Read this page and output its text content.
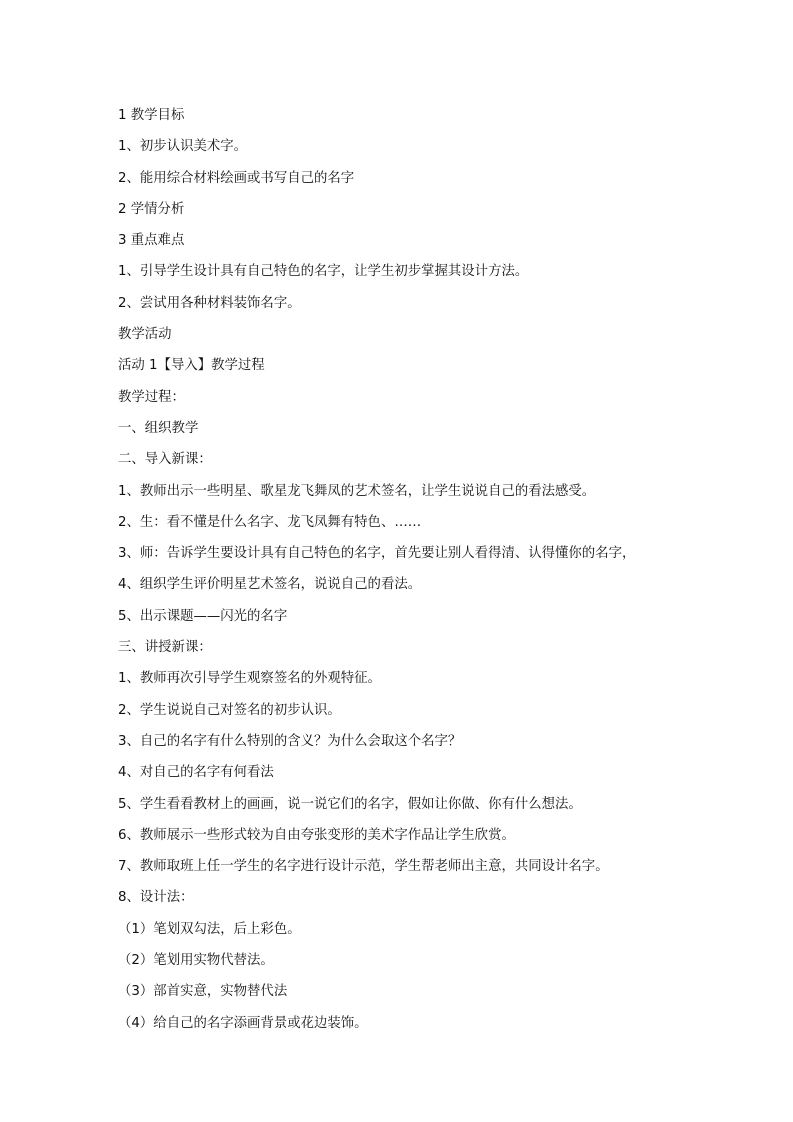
1 教学目标
1、初步认识美术字。
2、能用综合材料绘画或书写自己的名字
2 学情分析
3 重点难点
1、引导学生设计具有自己特色的名字，让学生初步掌握其设计方法。
2、尝试用各种材料装饰名字。
教学活动
活动 1【导入】教学过程
教学过程：
一、组织教学
二、导入新课：
1、教师出示一些明星、歌星龙飞舞凤的艺术签名，让学生说说自己的看法感受。
2、生：看不懂是什么名字、龙飞凤舞有特色、……
3、师：告诉学生要设计具有自己特色的名字，首先要让别人看得清、认得懂你的名字，
4、组织学生评价明星艺术签名，说说自己的看法。
5、出示课题——闪光的名字
三、讲授新课：
1、教师再次引导学生观察签名的外观特征。
2、学生说说自己对签名的初步认识。
3、自己的名字有什么特别的含义？为什么会取这个名字？
4、对自己的名字有何看法
5、学生看看教材上的画画，说一说它们的名字，假如让你做、你有什么想法。
6、教师展示一些形式较为自由夸张变形的美术字作品让学生欣赏。
7、教师取班上任一学生的名字进行设计示范，学生帮老师出主意，共同设计名字。
8、设计法：
（1）笔划双勾法，后上彩色。
（2）笔划用实物代替法。
（3）部首实意，实物替代法
（4）给自己的名字添画背景或花边装饰。
